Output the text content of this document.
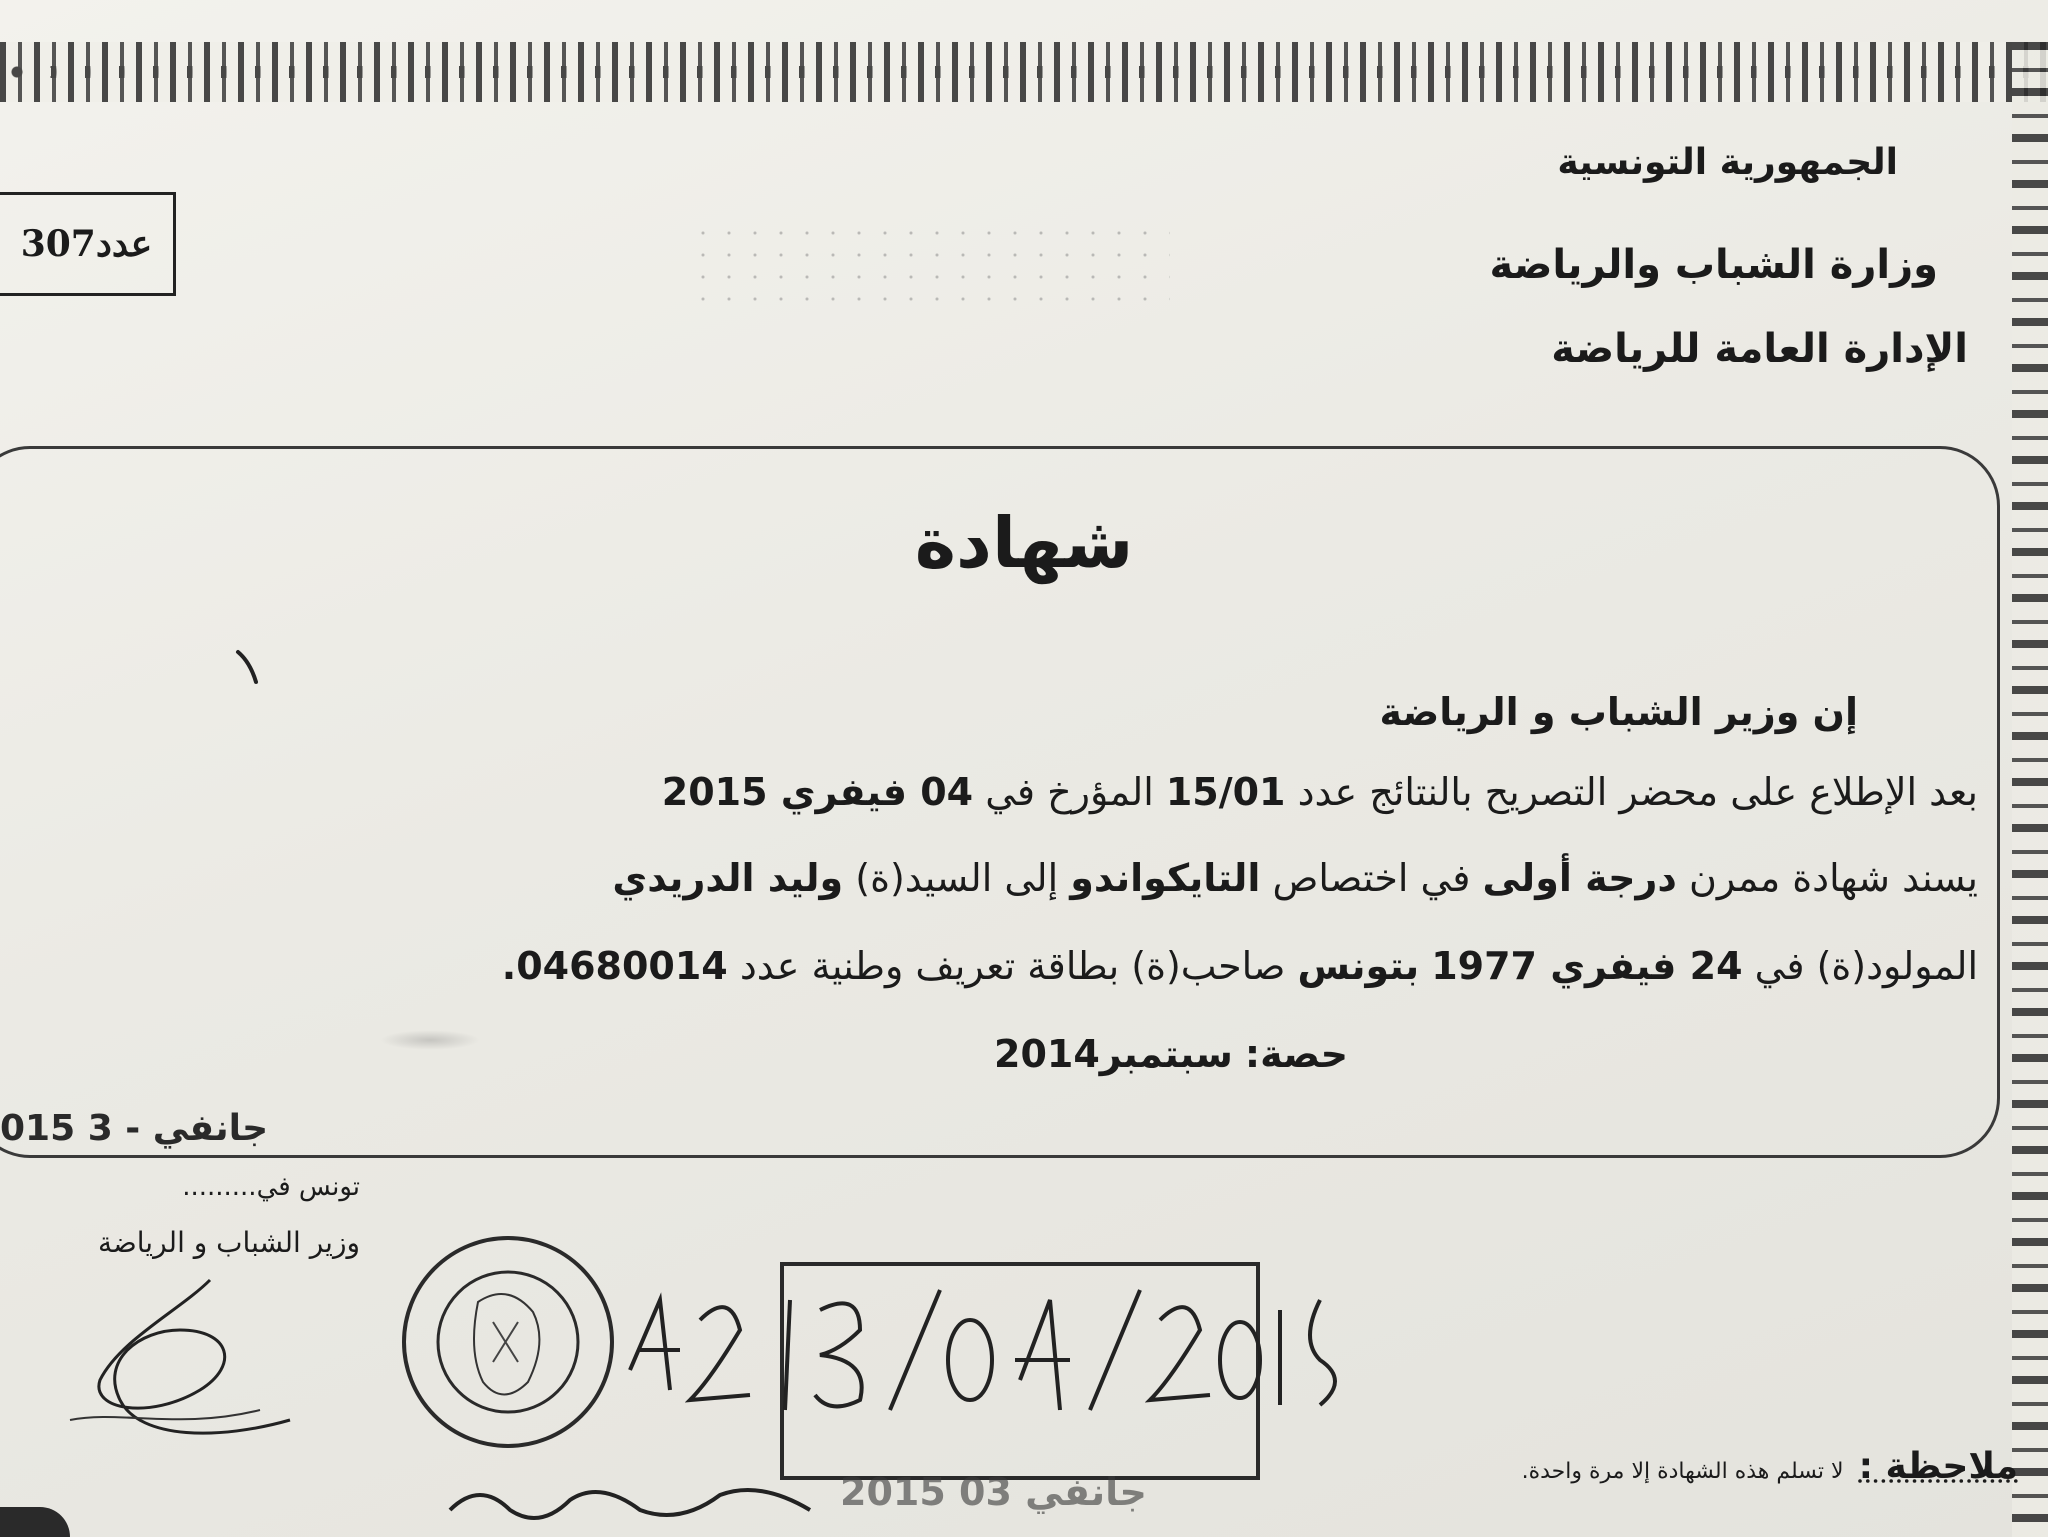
307عدد
الجمهورية التونسية
وزارة الشباب والرياضة
الإدارة العامة للرياضة
شهادة
إن وزير الشباب و الرياضة
بعد الإطلاع على محضر التصريح بالنتائج عدد 15/01 المؤرخ في 04 فيفري 2015
يسند شهادة ممرن درجة أولى في اختصاص التايكواندو إلى السيد(ة) وليد الدريدي
المولود(ة) في 24 فيفري 1977 بتونس صاحب(ة) بطاقة تعريف وطنية عدد 04680014.
حصة: سبتمبر2014
015 جانفي - 3
تونس في.........
وزير الشباب و الرياضة
2015 جانفي 03
ملاحظة : لا تسلم هذه الشهادة إلا مرة واحدة.
